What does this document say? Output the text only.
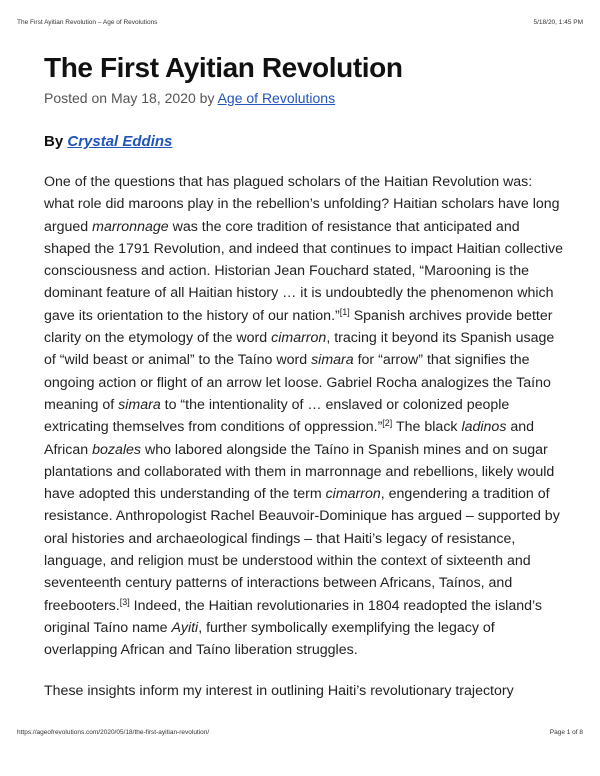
The First Ayitian Revolution – Age of Revolutions	5/18/20, 1:45 PM
The First Ayitian Revolution
Posted on May 18, 2020 by Age of Revolutions
By Crystal Eddins

One of the questions that has plagued scholars of the Haitian Revolution was: what role did maroons play in the rebellion’s unfolding? Haitian scholars have long argued marronnage was the core tradition of resistance that anticipated and shaped the 1791 Revolution, and indeed that continues to impact Haitian collective consciousness and action. Historian Jean Fouchard stated, “Marooning is the dominant feature of all Haitian history … it is undoubtedly the phenomenon which gave its orientation to the history of our nation.”[1] Spanish archives provide better clarity on the etymology of the word cimarron, tracing it beyond its Spanish usage of “wild beast or animal” to the Taíno word simara for “arrow” that signifies the ongoing action or flight of an arrow let loose. Gabriel Rocha analogizes the Taíno meaning of simara to “the intentionality of … enslaved or colonized people extricating themselves from conditions of oppression.”[2] The black ladinos and African bozales who labored alongside the Taíno in Spanish mines and on sugar plantations and collaborated with them in marronnage and rebellions, likely would have adopted this understanding of the term cimarron, engendering a tradition of resistance. Anthropologist Rachel Beauvoir-Dominique has argued – supported by oral histories and archaeological findings – that Haiti’s legacy of resistance, language, and religion must be understood within the context of sixteenth and seventeenth century patterns of interactions between Africans, Taínos, and freebooters.[3] Indeed, the Haitian revolutionaries in 1804 readopted the island’s original Taíno name Ayiti, further symbolically exemplifying the legacy of overlapping African and Taíno liberation struggles.

These insights inform my interest in outlining Haiti’s revolutionary trajectory

https://ageofrevolutions.com/2020/05/18/the-first-ayitian-revolution/	Page 1 of 8
